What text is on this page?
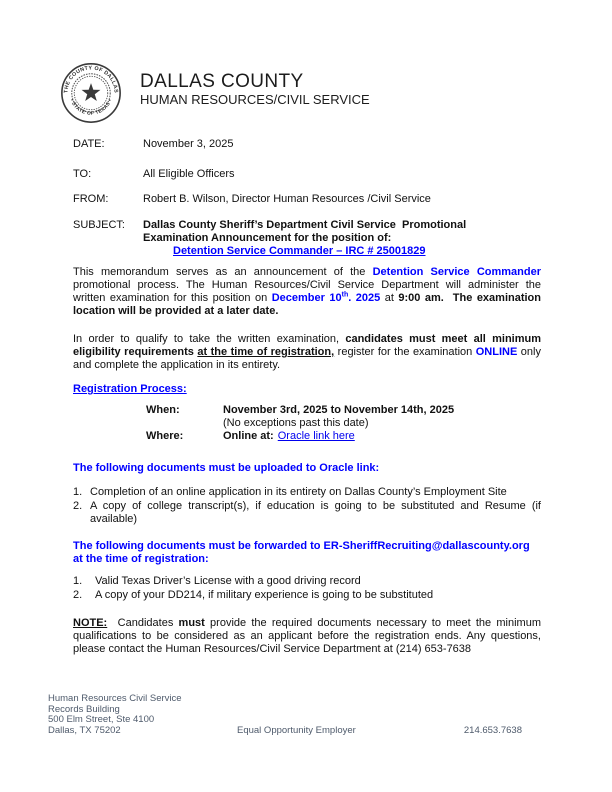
THE COUNTY OF DALLAS
• STATE OF TEXAS •
DALLAS COUNTY
HUMAN RESOURCES/CIVIL SERVICE
DATE:	November 3, 2025
TO:	All Eligible Officers
FROM:	Robert B. Wilson, Director Human Resources /Civil Service
SUBJECT:	Dallas County Sheriff’s Department Civil Service  Promotional
Examination Announcement for the position of:
Detention Service Commander – IRC # 25001829

This memorandum serves as an announcement of the Detention Service Commander promotional process. The Human Resources/Civil Service Department will administer the written examination for this position on December 10th. 2025 at 9:00 am.  The examination location will be provided at a later date.

In order to qualify to take the written examination, candidates must meet all minimum eligibility requirements at the time of registration, register for the examination ONLINE only and complete the application in its entirety.

Registration Process:
When:	November 3rd, 2025 to November 14th, 2025
(No exceptions past this date)
Where:	Online at: Oracle link here
The following documents must be uploaded to Oracle link:
1. Completion of an online application in its entirety on Dallas County’s Employment Site
2. A copy of college transcript(s), if education is going to be substituted and Resume (if available)
The following documents must be forwarded to ER-SheriffRecruiting@dallascounty.org at the time of registration:
1.	Valid Texas Driver’s License with a good driving record
2.	A copy of your DD214, if military experience is going to be substituted

NOTE:  Candidates must provide the required documents necessary to meet the minimum qualifications to be considered as an applicant before the registration ends. Any questions, please contact the Human Resources/Civil Service Department at (214) 653-7638

Human Resources Civil Service
Records Building
500 Elm Street, Ste 4100
Dallas, TX 75202	Equal Opportunity Employer	214.653.7638
